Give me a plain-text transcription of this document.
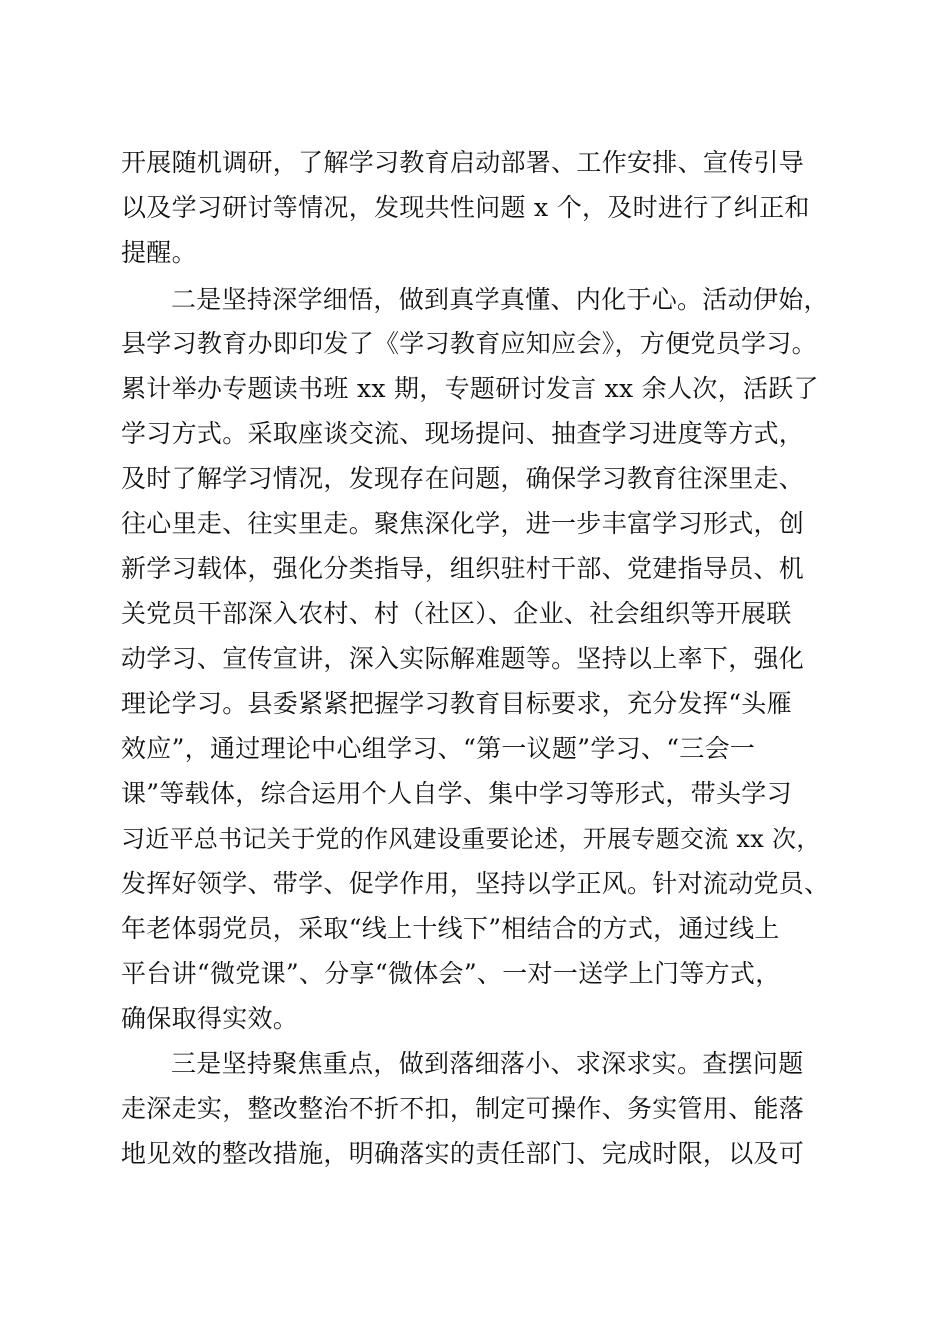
开展随机调研，了解学习教育启动部署、工作安排、宣传引导
以及学习研讨等情况，发现共性问题 x 个，及时进行了纠正和
提醒。
二是坚持深学细悟，做到真学真懂、内化于心。活动伊始，
县学习教育办即印发了《学习教育应知应会》，方便党员学习。
累计举办专题读书班 xx 期，专题研讨发言 xx 余人次，活跃了
学习方式。采取座谈交流、现场提问、抽查学习进度等方式，
及时了解学习情况，发现存在问题，确保学习教育往深里走、
往心里走、往实里走。聚焦深化学，进一步丰富学习形式，创
新学习载体，强化分类指导，组织驻村干部、党建指导员、机
关党员干部深入农村、村（社区）、企业、社会组织等开展联
动学习、宣传宣讲，深入实际解难题等。坚持以上率下，强化
理论学习。县委紧紧把握学习教育目标要求，充分发挥“头雁
效应”，通过理论中心组学习、“第一议题”学习、“三会一
课”等载体，综合运用个人自学、集中学习等形式，带头学习
习近平总书记关于党的作风建设重要论述，开展专题交流 xx 次，
发挥好领学、带学、促学作用，坚持以学正风。针对流动党员、
年老体弱党员，采取“线上十线下”相结合的方式，通过线上
平台讲“微党课”、分享“微体会”、一对一送学上门等方式，
确保取得实效。
三是坚持聚焦重点，做到落细落小、求深求实。查摆问题
走深走实，整改整治不折不扣，制定可操作、务实管用、能落
地见效的整改措施，明确落实的责任部门、完成时限，以及可
